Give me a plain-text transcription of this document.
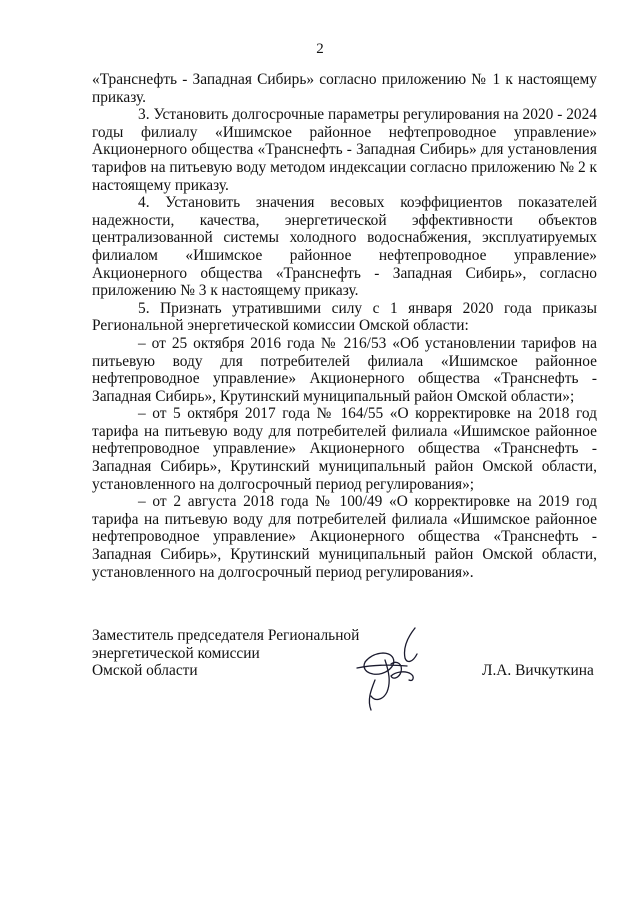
2

«Транснефть - Западная Сибирь» согласно приложению № 1 к настоящему приказу.

3. Установить долгосрочные параметры регулирования на 2020 - 2024 годы филиалу «Ишимское районное нефтепроводное управление» Акционерного общества «Транснефть - Западная Сибирь» для установления тарифов на питьевую воду методом индексации согласно приложению № 2 к настоящему приказу.

4. Установить значения весовых коэффициентов показателей надежности, качества, энергетической эффективности объектов централизованной системы холодного водоснабжения, эксплуатируемых филиалом «Ишимское районное нефтепроводное управление» Акционерного общества «Транснефть - Западная Сибирь», согласно приложению № 3 к настоящему приказу.

5. Признать утратившими силу с 1 января 2020 года приказы Региональной энергетической комиссии Омской области:

– от 25 октября 2016 года № 216/53 «Об установлении тарифов на питьевую воду для потребителей филиала «Ишимское районное нефтепроводное управление» Акционерного общества «Транснефть - Западная Сибирь», Крутинский муниципальный район Омской области»;

– от 5 октября 2017 года № 164/55 «О корректировке на 2018 год тарифа на питьевую воду для потребителей филиала «Ишимское районное нефтепроводное управление» Акционерного общества «Транснефть - Западная Сибирь», Крутинский муниципальный район Омской области, установленного на долгосрочный период регулирования»;

– от 2 августа 2018 года № 100/49 «О корректировке на 2019 год тарифа на питьевую воду для потребителей филиала «Ишимское районное нефтепроводное управление» Акционерного общества «Транснефть - Западная Сибирь», Крутинский муниципальный район Омской области, установленного на долгосрочный период регулирования».

Заместитель председателя Региональной
энергетической комиссии
Омской области	Л.А. Вичкуткина
